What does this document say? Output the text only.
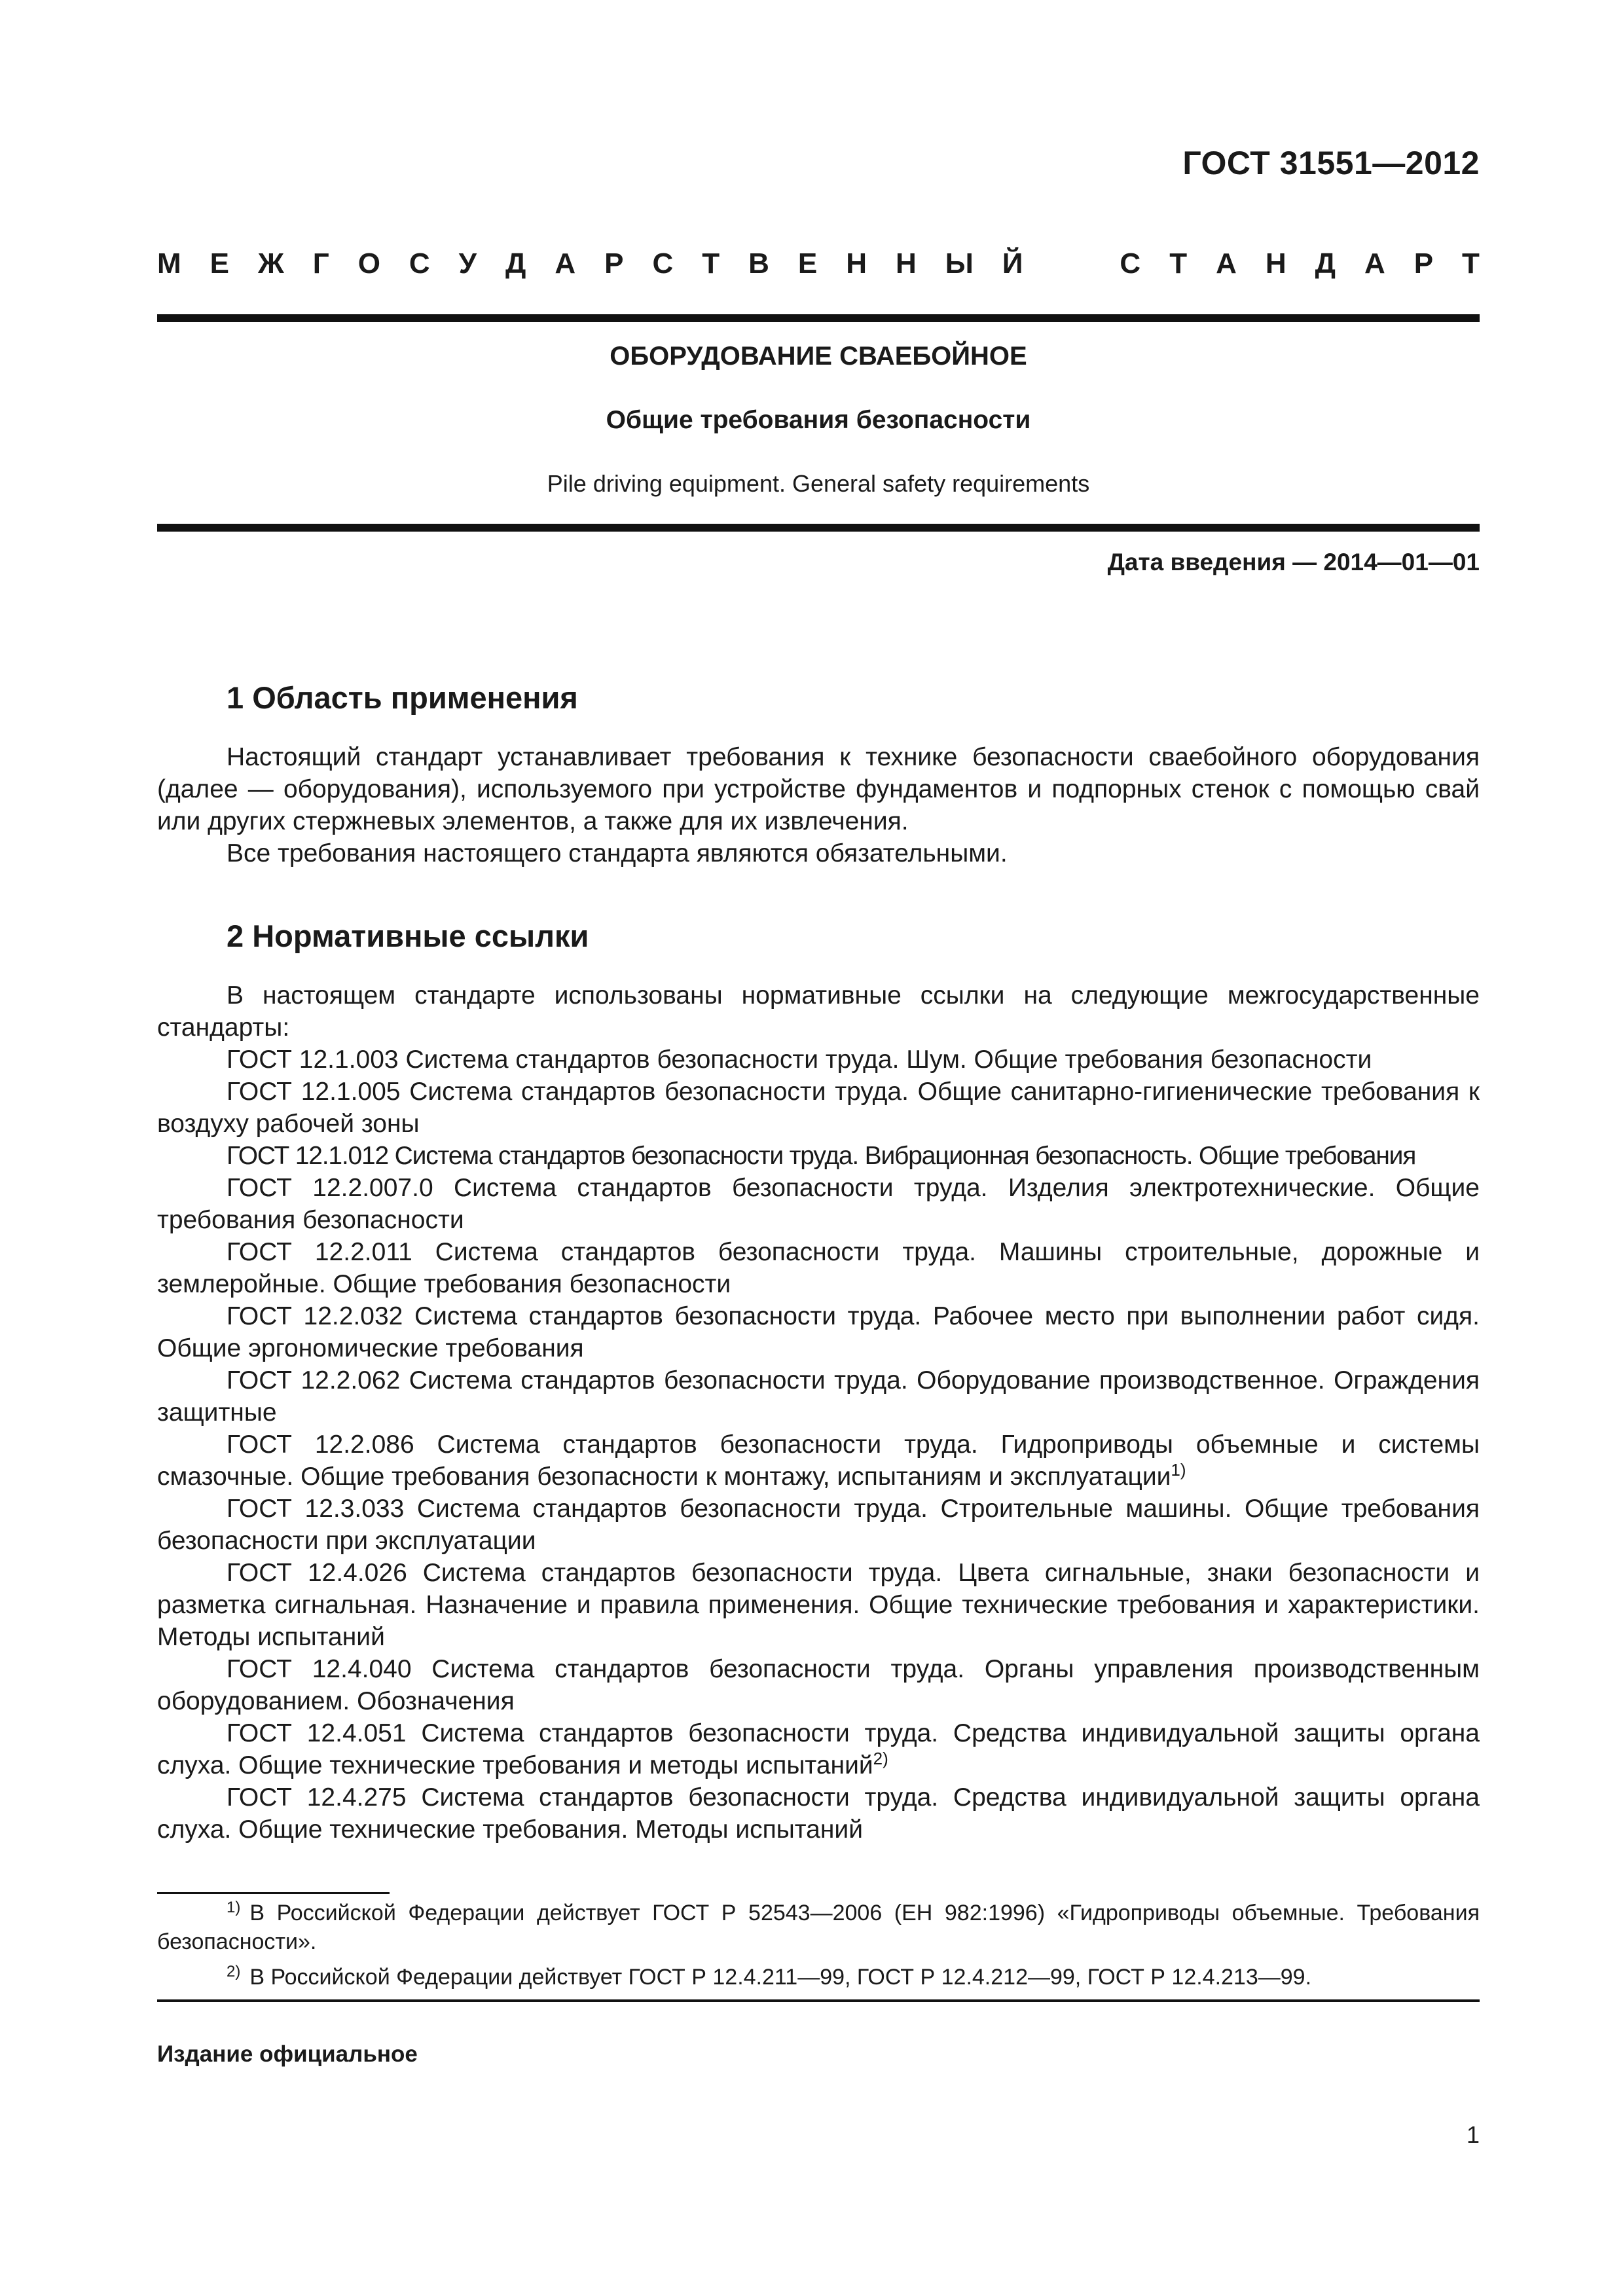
ГОСТ 31551—2012
М Е Ж Г О С У Д А Р С Т В Е Н Н Ы Й	С Т А Н Д А Р Т
ОБОРУДОВАНИЕ СВАЕБОЙНОЕ
Общие требования безопасности
Pile driving equipment. General safety requirements
Дата введения — 2014—01—01
1 Область применения

Настоящий стандарт устанавливает требования к технике безопасности сваебойного оборудования (далее — оборудования), используемого при устройстве фундаментов и подпорных стенок с помощью свай или других стержневых элементов, а также для их извлечения.

Все требования настоящего стандарта являются обязательными.

2 Нормативные ссылки

В настоящем стандарте использованы нормативные ссылки на следующие межгосударственные стандарты:

ГОСТ 12.1.003 Система стандартов безопасности труда. Шум. Общие требования безопасности

ГОСТ 12.1.005 Система стандартов безопасности труда. Общие санитарно-гигиенические требования к воздуху рабочей зоны

ГОСТ 12.1.012 Система стандартов безопасности труда. Вибрационная безопасность. Общие требования

ГОСТ 12.2.007.0 Система стандартов безопасности труда. Изделия электротехнические. Общие требования безопасности

ГОСТ 12.2.011 Система стандартов безопасности труда. Машины строительные, дорожные и землеройные. Общие требования безопасности

ГОСТ 12.2.032 Система стандартов безопасности труда. Рабочее место при выполнении работ сидя. Общие эргономические требования

ГОСТ 12.2.062 Система стандартов безопасности труда. Оборудование производственное. Ограждения защитные

ГОСТ 12.2.086 Система стандартов безопасности труда. Гидроприводы объемные и системы смазочные. Общие требования безопасности к монтажу, испытаниям и эксплуатации$^{1)}$

ГОСТ 12.3.033 Система стандартов безопасности труда. Строительные машины. Общие требования безопасности при эксплуатации

ГОСТ 12.4.026 Система стандартов безопасности труда. Цвета сигнальные, знаки безопасности и разметка сигнальная. Назначение и правила применения. Общие технические требования и характеристики. Методы испытаний

ГОСТ 12.4.040 Система стандартов безопасности труда. Органы управления производственным оборудованием. Обозначения

ГОСТ 12.4.051 Система стандартов безопасности труда. Средства индивидуальной защиты органа слуха. Общие технические требования и методы испытаний$^{2)}$

ГОСТ 12.4.275 Система стандартов безопасности труда. Средства индивидуальной защиты органа слуха. Общие технические требования. Методы испытаний

$^{1)}$ В Российской Федерации действует ГОСТ Р 52543—2006 (ЕН 982:1996) «Гидроприводы объемные. Требования безопасности».

$^{2)}$ В Российской Федерации действует ГОСТ Р 12.4.211—99, ГОСТ Р 12.4.212—99, ГОСТ Р 12.4.213—99.

Издание официальное
1
